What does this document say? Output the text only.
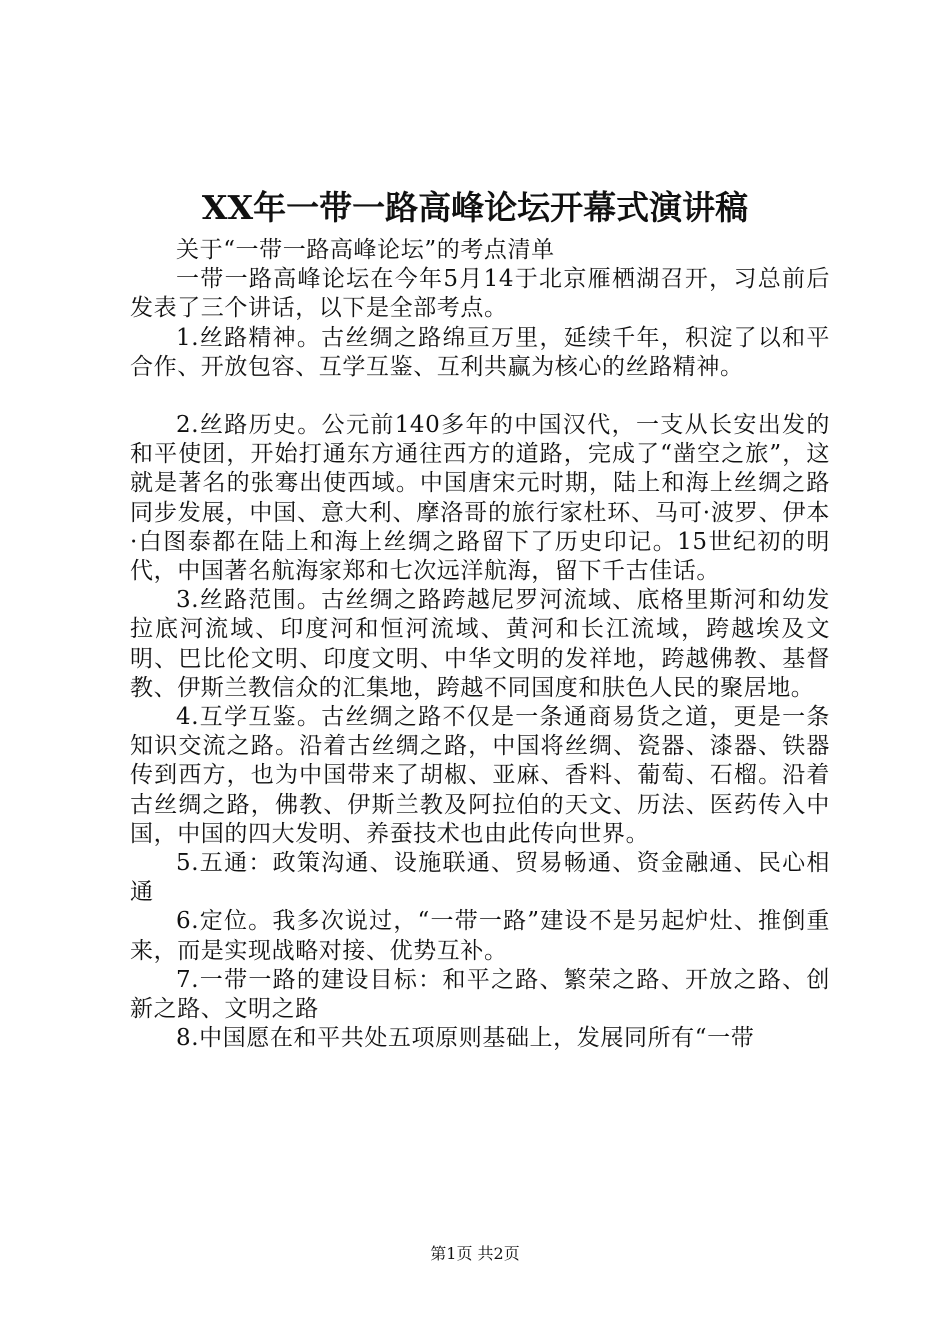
XX年一带一路高峰论坛开幕式演讲稿

关于“一带一路高峰论坛”的考点清单

一带一路高峰论坛在今年5月14于北京雁栖湖召开，习总前后发表了三个讲话，以下是全部考点。

1.丝路精神。古丝绸之路绵亘万里，延续千年，积淀了以和平合作、开放包容、互学互鉴、互利共赢为核心的丝路精神。

2.丝路历史。公元前140多年的中国汉代，一支从长安出发的和平使团，开始打通东方通往西方的道路，完成了“凿空之旅”，这就是著名的张骞出使西域。中国唐宋元时期，陆上和海上丝绸之路同步发展，中国、意大利、摩洛哥的旅行家杜环、马可·波罗、伊本·白图泰都在陆上和海上丝绸之路留下了历史印记。15世纪初的明代，中国著名航海家郑和七次远洋航海，留下千古佳话。

3.丝路范围。古丝绸之路跨越尼罗河流域、底格里斯河和幼发拉底河流域、印度河和恒河流域、黄河和长江流域，跨越埃及文明、巴比伦文明、印度文明、中华文明的发祥地，跨越佛教、基督教、伊斯兰教信众的汇集地，跨越不同国度和肤色人民的聚居地。

4.互学互鉴。古丝绸之路不仅是一条通商易货之道，更是一条知识交流之路。沿着古丝绸之路，中国将丝绸、瓷器、漆器、铁器传到西方，也为中国带来了胡椒、亚麻、香料、葡萄、石榴。沿着古丝绸之路，佛教、伊斯兰教及阿拉伯的天文、历法、医药传入中国，中国的四大发明、养蚕技术也由此传向世界。

5.五通：政策沟通、设施联通、贸易畅通、资金融通、民心相通

6.定位。我多次说过，“一带一路”建设不是另起炉灶、推倒重来，而是实现战略对接、优势互补。

7.一带一路的建设目标：和平之路、繁荣之路、开放之路、创新之路、文明之路

8.中国愿在和平共处五项原则基础上，发展同所有“一带

第1页 共2页
